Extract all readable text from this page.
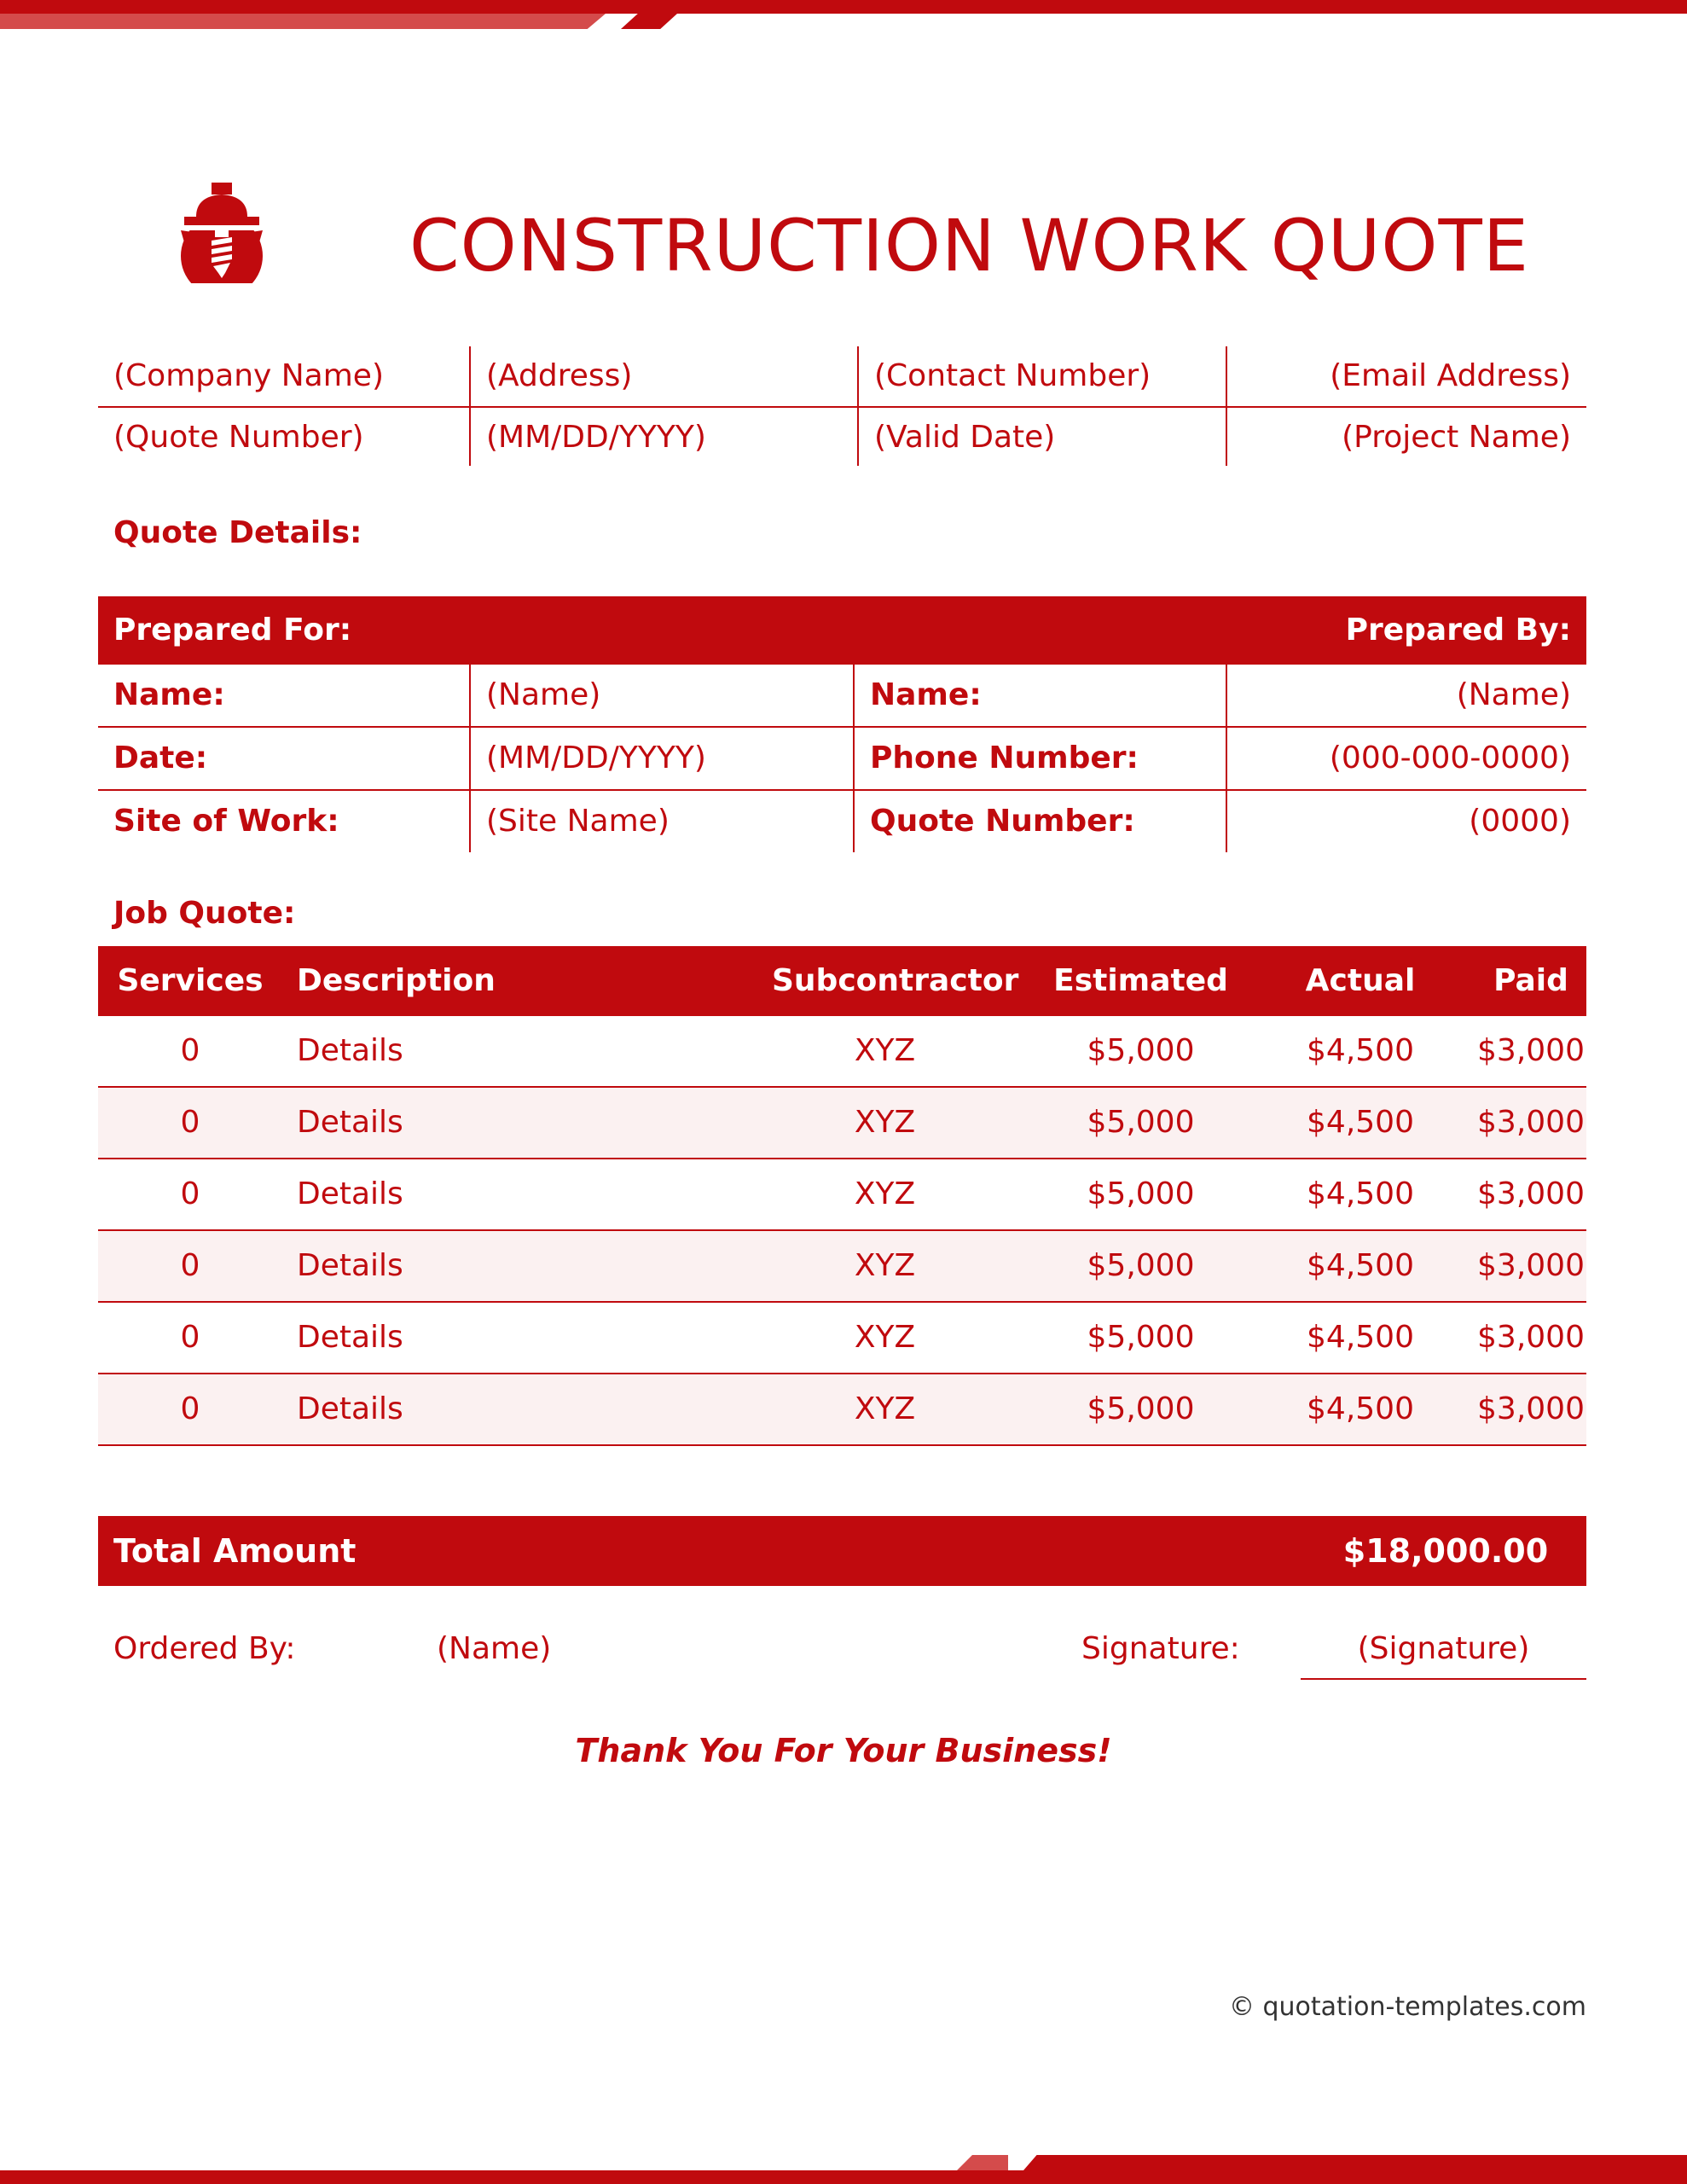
CONSTRUCTION WORK QUOTE
(Company Name)	(Address)	(Contact Number)	(Email Address)
(Quote Number)	(MM/DD/YYYY)	(Valid Date)	(Project Name)
Quote Details:
Prepared For:	Prepared By:
Name:	(Name)	Name:	(Name)
Date:	(MM/DD/YYYY)	Phone Number:	(000-000-0000)
Site of Work:	(Site Name)	Quote Number:	(0000)
Job Quote:
Services	Description	Subcontractor	Estimated	Actual	Paid
0	Details	XYZ	$5,000	$4,500	$3,000
0	Details	XYZ	$5,000	$4,500	$3,000
0	Details	XYZ	$5,000	$4,500	$3,000
0	Details	XYZ	$5,000	$4,500	$3,000
0	Details	XYZ	$5,000	$4,500	$3,000
0	Details	XYZ	$5,000	$4,500	$3,000
Total Amount	$18,000.00
Ordered By:	(Name)	Signature:	(Signature)
Thank You For Your Business!
© quotation-templates.com
